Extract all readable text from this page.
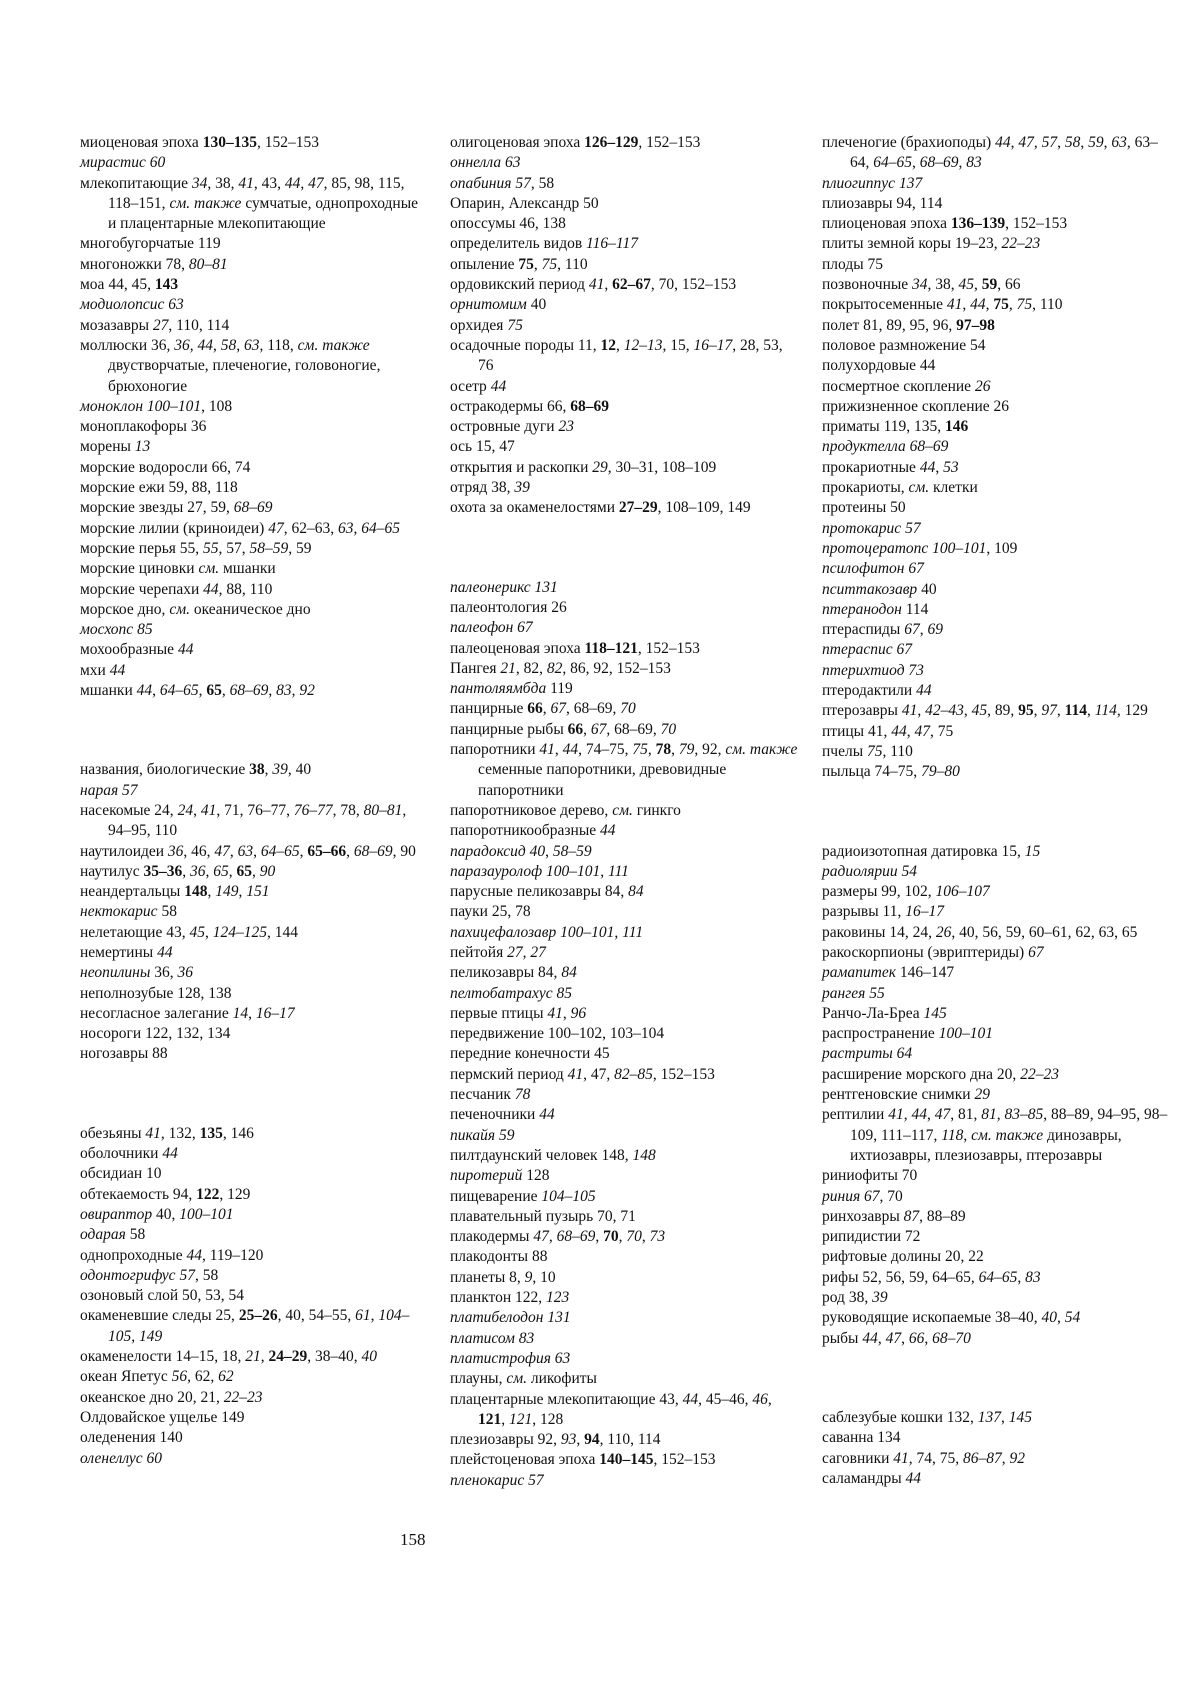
миоценовая эпоха 130–135, 152–153
мирастис 60
млекопитающие 34, 38, 41, 43, 44, 47, 85, 98, 115, 118–151, см. также сумчатые, однопроходные и плацентарные млекопитающие
многобугорчатые 119
многоножки 78, 80–81
моа 44, 45, 143
модиолопсис 63
мозазавры 27, 110, 114
моллюски 36, 36, 44, 58, 63, 118, см. также двустворчатые, плеченогие, головоногие, брюхоногие
моноклон 100–101, 108
моноплакофоры 36
морены 13
морские водоросли 66, 74
морские ежи 59, 88, 118
морские звезды 27, 59, 68–69
морские лилии (криноидеи) 47, 62–63, 63, 64–65
морские перья 55, 55, 57, 58–59, 59
морские циновки см. мшанки
морские черепахи 44, 88, 110
морское дно, см. океаническое дно
мосхопс 85
мохообразные 44
мхи 44
мшанки 44, 64–65, 65, 68–69, 83, 92
названия, биологические 38, 39, 40
нарая 57
насекомые 24, 24, 41, 71, 76–77, 76–77, 78, 80–81, 94–95, 110
наутилоидеи 36, 46, 47, 63, 64–65, 65–66, 68–69, 90
наутилус 35–36, 36, 65, 65, 90
неандертальцы 148, 149, 151
нектокарис 58
нелетающие 43, 45, 124–125, 144
немертины 44
неопилины 36, 36
неполнозубые 128, 138
несогласное залегание 14, 16–17
носороги 122, 132, 134
ногозавры 88
обезьяны 41, 132, 135, 146
оболочники 44
обсидиан 10
обтекаемость 94, 122, 129
овираптор 40, 100–101
одарая 58
однопроходные 44, 119–120
одонтогрифус 57, 58
озоновый слой 50, 53, 54
окаменевшие следы 25, 25–26, 40, 54–55, 61, 104–105, 149
окаменелости 14–15, 18, 21, 24–29, 38–40, 40
океан Япетус 56, 62, 62
океанское дно 20, 21, 22–23
Олдовайское ущелье 149
оледенения 140
оленеллус 60
олигоценовая эпоха 126–129, 152–153
оннелла 63
опабиния 57, 58
Опарин, Александр 50
опоссумы 46, 138
определитель видов 116–117
опыление 75, 75, 110
ордовикский период 41, 62–67, 70, 152–153
орнитомим 40
орхидея 75
осадочные породы 11, 12, 12–13, 15, 16–17, 28, 53, 76
осетр 44
остракодермы 66, 68–69
островные дуги 23
ось 15, 47
открытия и раскопки 29, 30–31, 108–109
отряд 38, 39
охота за окаменелостями 27–29, 108–109, 149
палеонерикс 131
палеонтология 26
палеофон 67
палеоценовая эпоха 118–121, 152–153
Пангея 21, 82, 82, 86, 92, 152–153
пантоляямбда 119
панцирные 66, 67, 68–69, 70
панцирные рыбы 66, 67, 68–69, 70
папоротники 41, 44, 74–75, 75, 78, 79, 92, см. также семенные папоротники, древовидные папоротники
папоротниковое дерево, см. гинкго
папоротникообразные 44
парадоксид 40, 58–59
паразауролоф 100–101, 111
парусные пеликозавры 84, 84
пауки 25, 78
пахицефалозавр 100–101, 111
пейтойя 27, 27
пеликозавры 84, 84
пелтобатрахус 85
первые птицы 41, 96
передвижение 100–102, 103–104
передние конечности 45
пермский период 41, 47, 82–85, 152–153
песчаник 78
печеночники 44
пикайя 59
пилтдаунский человек 148, 148
пиротерий 128
пищеварение 104–105
плавательный пузырь 70, 71
плакодермы 47, 68–69, 70, 70, 73
плакодонты 88
планеты 8, 9, 10
планктон 122, 123
платибелодон 131
платисом 83
платистрофия 63
плауны, см. ликофиты
плацентарные млекопитающие 43, 44, 45–46, 46, 121, 121, 128
плезиозавры 92, 93, 94, 110, 114
плейстоценовая эпоха 140–145, 152–153
пленокарис 57
плеченогие (брахиоподы) 44, 47, 57, 58, 59, 63, 63–64, 64–65, 68–69, 83
плиогиппус 137
плиозавры 94, 114
плиоценовая эпоха 136–139, 152–153
плиты земной коры 19–23, 22–23
плоды 75
позвоночные 34, 38, 45, 59, 66
покрытосеменные 41, 44, 75, 75, 110
полет 81, 89, 95, 96, 97–98
половое размножение 54
полухордовые 44
посмертное скопление 26
прижизненное скопление 26
приматы 119, 135, 146
продуктелла 68–69
прокариотные 44, 53
прокариоты, см. клетки
протеины 50
протокарис 57
протоцератопс 100–101, 109
псилофитон 67
пситтакозавр 40
птеранодон 114
птераспиды 67, 69
птераспис 67
птерихтиод 73
птеродактили 44
птерозавры 41, 42–43, 45, 89, 95, 97, 114, 114, 129
птицы 41, 44, 47, 75
пчелы 75, 110
пыльца 74–75, 79–80
радиоизотопная датировка 15, 15
радиолярии 54
размеры 99, 102, 106–107
разрывы 11, 16–17
раковины 14, 24, 26, 40, 56, 59, 60–61, 62, 63, 65
ракоскорпионы (эвриптериды) 67
рамапитек 146–147
рангея 55
Ранчо-Ла-Бреа 145
распространение 100–101
растриты 64
расширение морского дна 20, 22–23
рентгеновские снимки 29
рептилии 41, 44, 47, 81, 81, 83–85, 88–89, 94–95, 98–109, 111–117, 118, см. также динозавры, ихтиозавры, плезиозавры, птерозавры
риниофиты 70
риния 67, 70
ринхозавры 87, 88–89
рипидистии 72
рифтовые долины 20, 22
рифы 52, 56, 59, 64–65, 64–65, 83
род 38, 39
руководящие ископаемые 38–40, 40, 54
рыбы 44, 47, 66, 68–70
саблезубые кошки 132, 137, 145
саванна 134
саговники 41, 74, 75, 86–87, 92
саламандры 44
158
